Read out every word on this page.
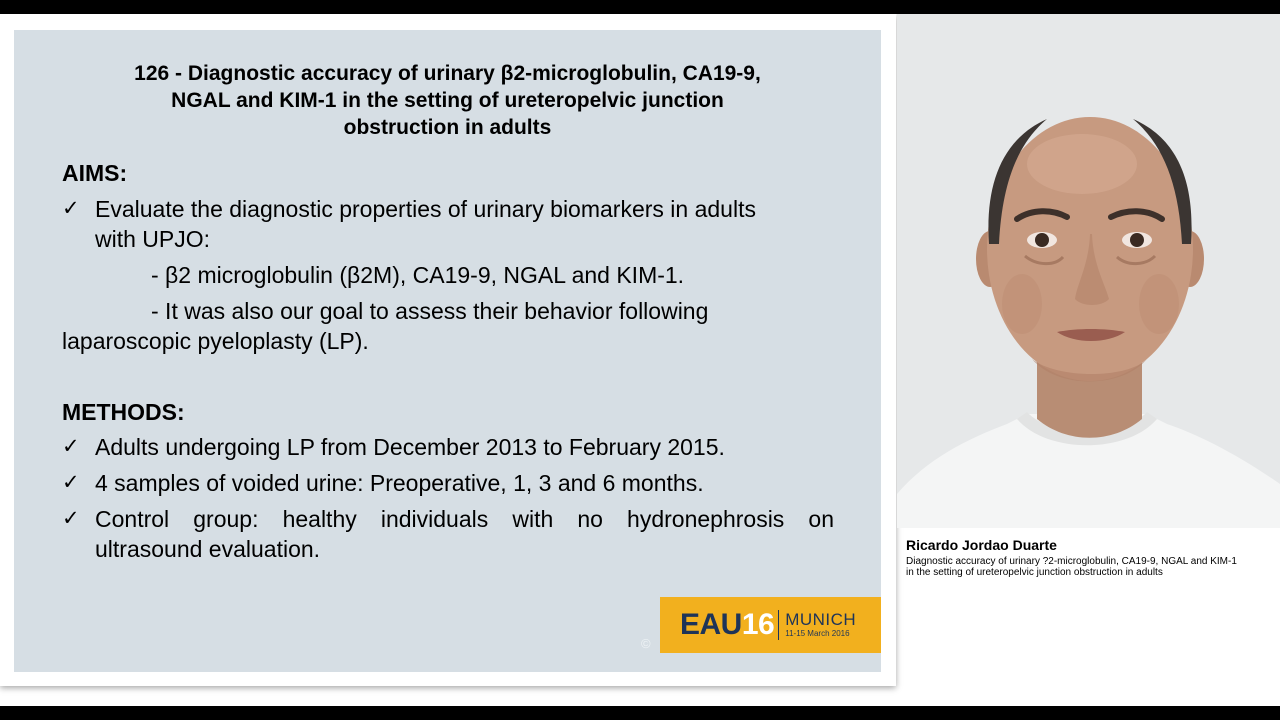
126 - Diagnostic accuracy of urinary β2-microglobulin, CA19-9,
NGAL and KIM-1 in the setting of ureteropelvic junction
obstruction in adults
AIMS:
✓ Evaluate the diagnostic properties of urinary biomarkers in adults
with UPJO:
- β2 microglobulin (β2M), CA19-9, NGAL and KIM-1.
- It was also our goal to assess their behavior following
laparoscopic pyeloplasty (LP).
METHODS:
✓ Adults undergoing LP from December 2013 to February 2015.
✓ 4 samples of voided urine: Preoperative, 1, 3 and 6 months.
✓ Control group: healthy individuals with no hydronephrosis on
ultrasound evaluation.
©
EAU16 MUNICH
11-15 March 2016
Ricardo Jordao Duarte
Diagnostic accuracy of urinary ?2-microglobulin, CA19-9, NGAL and KIM-1
in the setting of ureteropelvic junction obstruction in adults
